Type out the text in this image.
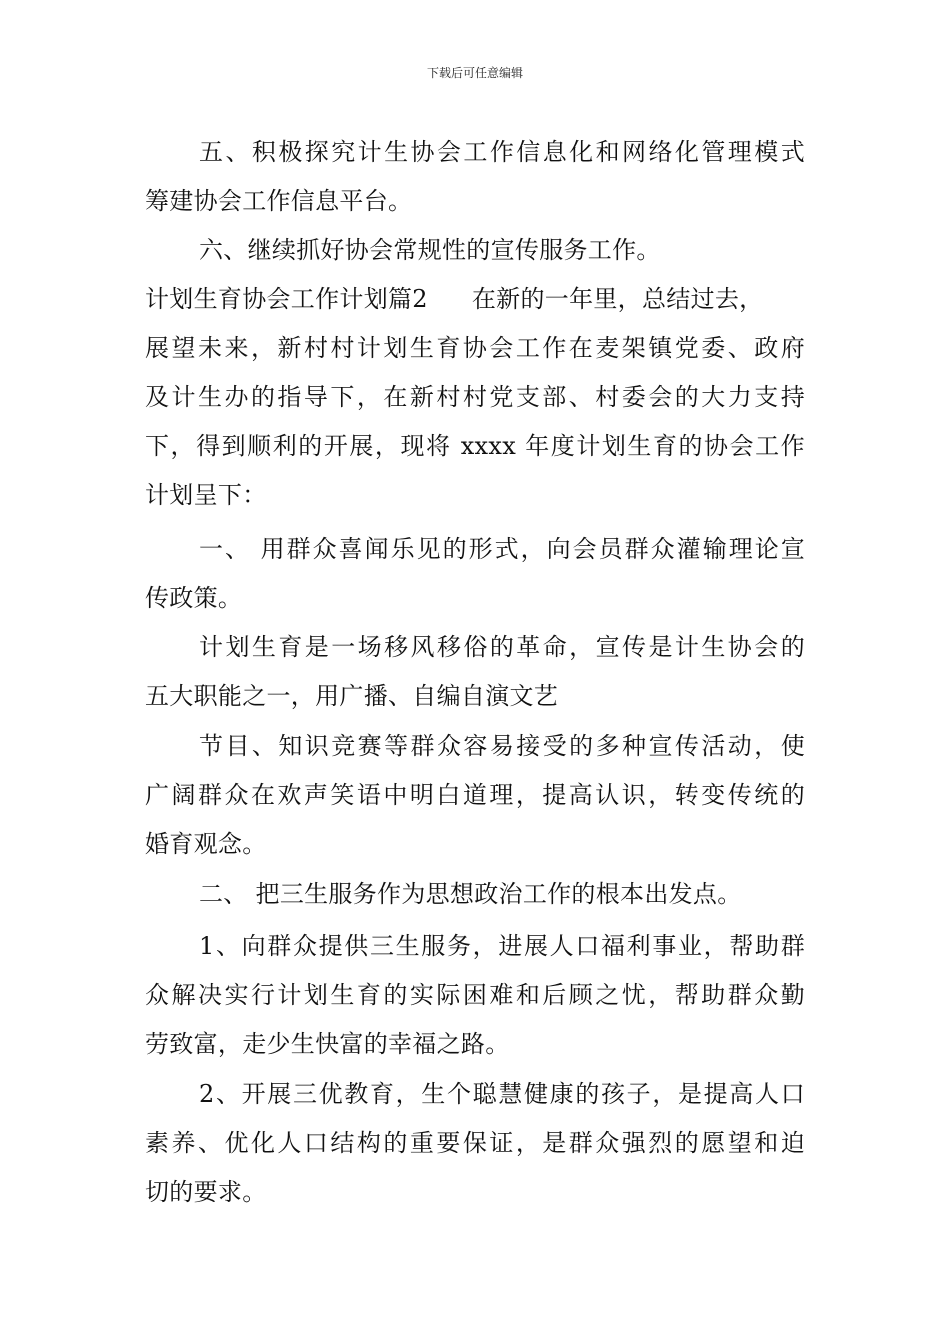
下载后可任意编辑
五、积极探究计生协会工作信息化和网络化管理模式
筹建协会工作信息平台。
六、继续抓好协会常规性的宣传服务工作。
计划生育协会工作计划篇2 在新的一年里，总结过去，
展望未来，新村村计划生育协会工作在麦架镇党委、政府
及计生办的指导下，在新村村党支部、村委会的大力支持
下，得到顺利的开展，现将 xxxx 年度计划生育的协会工作
计划呈下：
一、 用群众喜闻乐见的形式，向会员群众灌输理论宣
传政策。
计划生育是一场移风移俗的革命，宣传是计生协会的
五大职能之一，用广播、自编自演文艺
节目、知识竞赛等群众容易接受的多种宣传活动，使
广阔群众在欢声笑语中明白道理，提高认识，转变传统的
婚育观念。
二、 把三生服务作为思想政治工作的根本出发点。
1、向群众提供三生服务，进展人口福利事业，帮助群
众解决实行计划生育的实际困难和后顾之忧，帮助群众勤
劳致富，走少生快富的幸福之路。
2、开展三优教育，生个聪慧健康的孩子，是提高人口
素养、优化人口结构的重要保证，是群众强烈的愿望和迫
切的要求。
